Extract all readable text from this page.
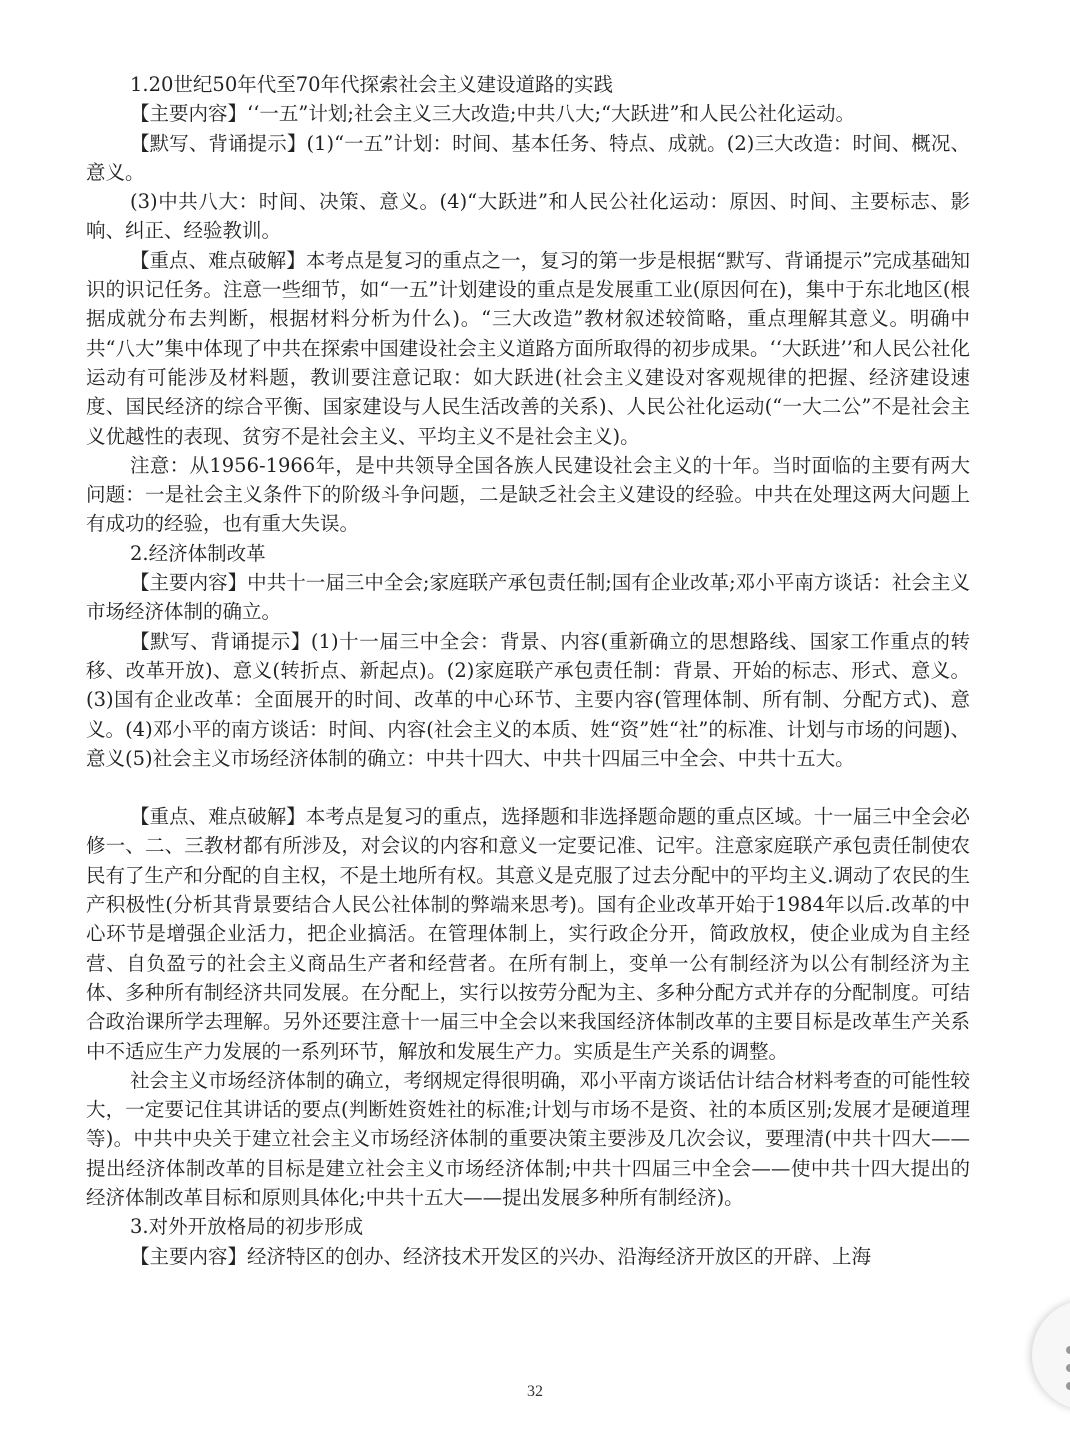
1.20世纪50年代至70年代探索社会主义建设道路的实践

【主要内容】‘‘一五”计划;社会主义三大改造;中共八大;“大跃进”和人民公社化运动。

【默写、背诵提示】(1)“一五”计划：时间、基本任务、特点、成就。(2)三大改造：时间、概况、意义。

(3)中共八大：时间、决策、意义。(4)“大跃进”和人民公社化运动：原因、时间、主要标志、影响、纠正、经验教训。

【重点、难点破解】本考点是复习的重点之一，复习的第一步是根据“默写、背诵提示”完成基础知识的识记任务。注意一些细节，如“一五”计划建设的重点是发展重工业(原因何在)，集中于东北地区(根据成就分布去判断，根据材料分析为什么)。“三大改造”教材叙述较简略，重点理解其意义。明确中共“八大”集中体现了中共在探索中国建设社会主义道路方面所取得的初步成果。‘‘大跃进’’和人民公社化运动有可能涉及材料题，教训要注意记取：如大跃进(社会主义建设对客观规律的把握、经济建设速度、国民经济的综合平衡、国家建设与人民生活改善的关系)、人民公社化运动(“一大二公”不是社会主义优越性的表现、贫穷不是社会主义、平均主义不是社会主义)。

注意：从1956-1966年，是中共领导全国各族人民建设社会主义的十年。当时面临的主要有两大问题：一是社会主义条件下的阶级斗争问题，二是缺乏社会主义建设的经验。中共在处理这两大问题上有成功的经验，也有重大失误。

2.经济体制改革

【主要内容】中共十一届三中全会;家庭联产承包责任制;国有企业改革;邓小平南方谈话：社会主义市场经济体制的确立。

【默写、背诵提示】(1)十一届三中全会：背景、内容(重新确立的思想路线、国家工作重点的转移、改革开放)、意义(转折点、新起点)。(2)家庭联产承包责任制：背景、开始的标志、形式、意义。(3)国有企业改革：全面展开的时间、改革的中心环节、主要内容(管理体制、所有制、分配方式)、意义。(4)邓小平的南方谈话：时间、内容(社会主义的本质、姓“资”姓“社”的标准、计划与市场的问题)、意义(5)社会主义市场经济体制的确立：中共十四大、中共十四届三中全会、中共十五大。

【重点、难点破解】本考点是复习的重点，选择题和非选择题命题的重点区域。十一届三中全会必修一、二、三教材都有所涉及，对会议的内容和意义一定要记准、记牢。注意家庭联产承包责任制使农民有了生产和分配的自主权，不是土地所有权。其意义是克服了过去分配中的平均主义.调动了农民的生产积极性(分析其背景要结合人民公社体制的弊端来思考)。国有企业改革开始于1984年以后.改革的中心环节是增强企业活力，把企业搞活。在管理体制上，实行政企分开，简政放权，使企业成为自主经营、自负盈亏的社会主义商品生产者和经营者。在所有制上，变单一公有制经济为以公有制经济为主体、多种所有制经济共同发展。在分配上，实行以按劳分配为主、多种分配方式并存的分配制度。可结合政治课所学去理解。另外还要注意十一届三中全会以来我国经济体制改革的主要目标是改革生产关系中不适应生产力发展的一系列环节，解放和发展生产力。实质是生产关系的调整。

社会主义市场经济体制的确立，考纲规定得很明确，邓小平南方谈话估计结合材料考查的可能性较大，一定要记住其讲话的要点(判断姓资姓社的标准;计划与市场不是资、社的本质区别;发展才是硬道理等)。中共中央关于建立社会主义市场经济体制的重要决策主要涉及几次会议，要理清(中共十四大——提出经济体制改革的目标是建立社会主义市场经济体制;中共十四届三中全会——使中共十四大提出的经济体制改革目标和原则具体化;中共十五大——提出发展多种所有制经济)。

3.对外开放格局的初步形成

【主要内容】经济特区的创办、经济技术开发区的兴办、沿海经济开放区的开辟、上海

32
